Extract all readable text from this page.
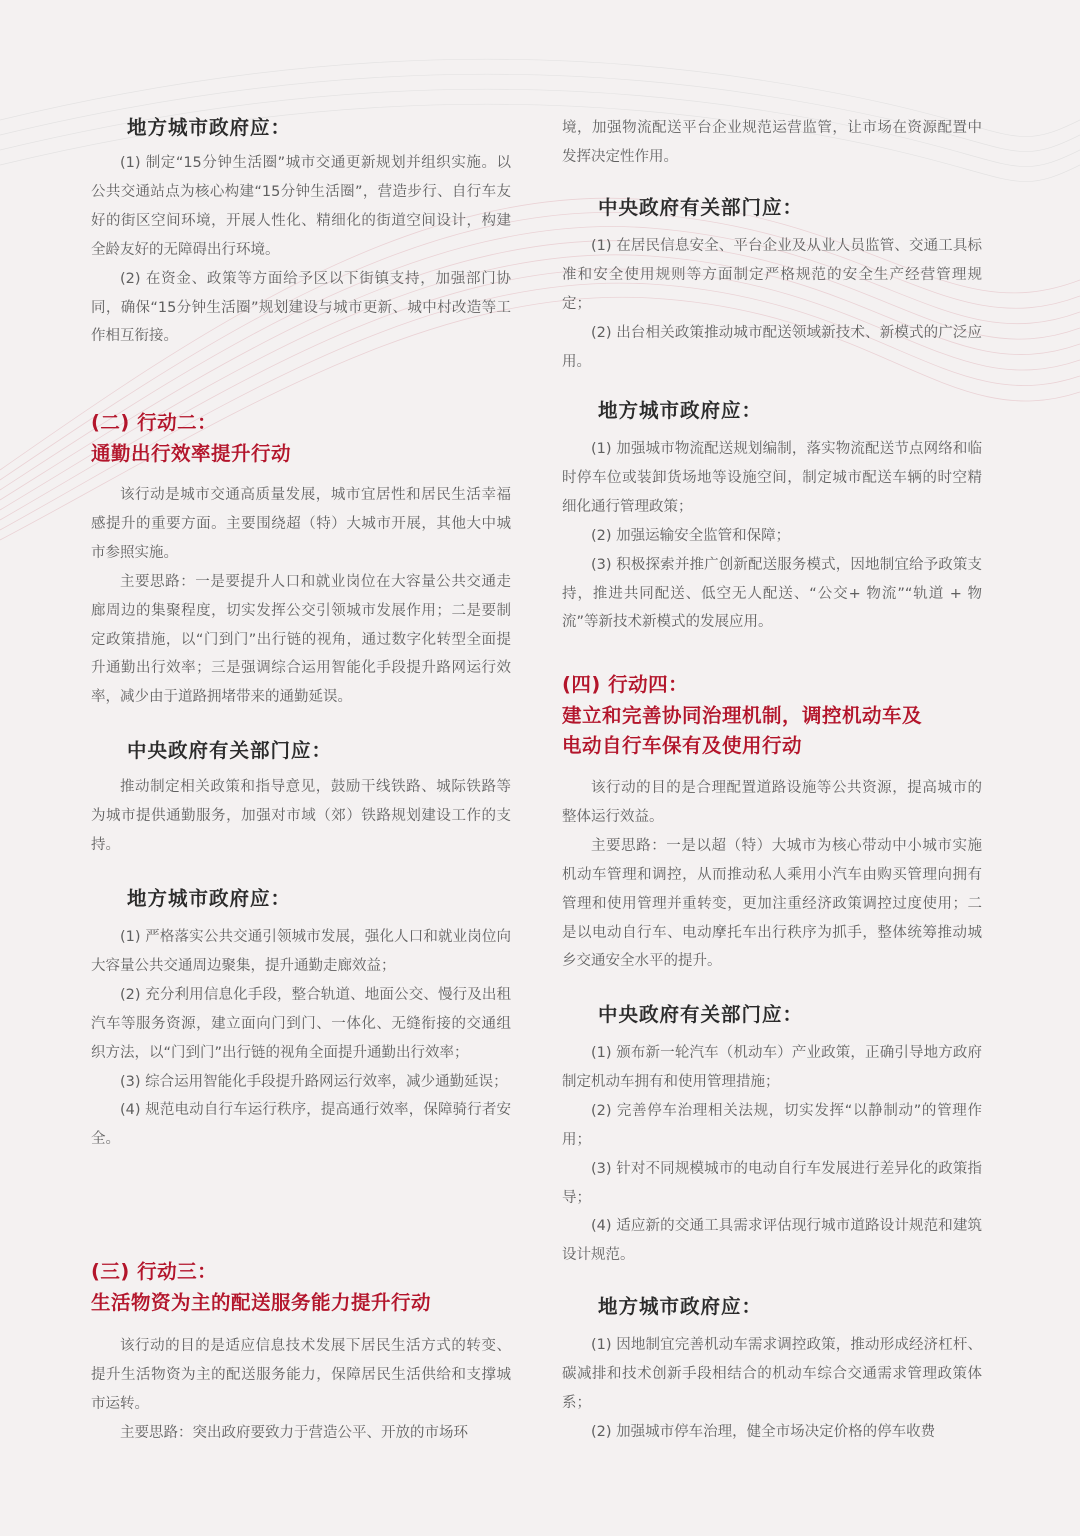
地方城市政府应：

(1) 制定“15分钟生活圈”城市交通更新规划并组织实施。以公共交通站点为核心构建“15分钟生活圈”，营造步行、自行车友好的街区空间环境，开展人性化、精细化的街道空间设计，构建全龄友好的无障碍出行环境。

(2) 在资金、政策等方面给予区以下街镇支持，加强部门协同，确保“15分钟生活圈”规划建设与城市更新、城中村改造等工作相互衔接。

(二) 行动二：

通勤出行效率提升行动

该行动是城市交通高质量发展，城市宜居性和居民生活幸福感提升的重要方面。主要围绕超（特）大城市开展，其他大中城市参照实施。

主要思路：一是要提升人口和就业岗位在大容量公共交通走廊周边的集聚程度，切实发挥公交引领城市发展作用；二是要制定政策措施，以“门到门”出行链的视角，通过数字化转型全面提升通勤出行效率；三是强调综合运用智能化手段提升路网运行效率，减少由于道路拥堵带来的通勤延误。

中央政府有关部门应：

推动制定相关政策和指导意见，鼓励干线铁路、城际铁路等为城市提供通勤服务，加强对市域（郊）铁路规划建设工作的支持。

地方城市政府应：

(1) 严格落实公共交通引领城市发展，强化人口和就业岗位向大容量公共交通周边聚集，提升通勤走廊效益；

(2) 充分利用信息化手段，整合轨道、地面公交、慢行及出租汽车等服务资源，建立面向门到门、一体化、无缝衔接的交通组织方法，以“门到门”出行链的视角全面提升通勤出行效率；

(3) 综合运用智能化手段提升路网运行效率，减少通勤延误；

(4) 规范电动自行车运行秩序，提高通行效率，保障骑行者安全。

(三) 行动三：

生活物资为主的配送服务能力提升行动

该行动的目的是适应信息技术发展下居民生活方式的转变、提升生活物资为主的配送服务能力，保障居民生活供给和支撑城市运转。

主要思路：突出政府要致力于营造公平、开放的市场环

境，加强物流配送平台企业规范运营监管，让市场在资源配置中发挥决定性作用。

中央政府有关部门应：

(1) 在居民信息安全、平台企业及从业人员监管、交通工具标准和安全使用规则等方面制定严格规范的安全生产经营管理规定；

(2) 出台相关政策推动城市配送领域新技术、新模式的广泛应用。

地方城市政府应：

(1) 加强城市物流配送规划编制，落实物流配送节点网络和临时停车位或装卸货场地等设施空间，制定城市配送车辆的时空精细化通行管理政策；

(2) 加强运输安全监管和保障；

(3) 积极探索并推广创新配送服务模式，因地制宜给予政策支持，推进共同配送、低空无人配送、“公交+ 物流”“轨道 + 物流”等新技术新模式的发展应用。

(四) 行动四：

建立和完善协同治理机制，调控机动车及

电动自行车保有及使用行动

该行动的目的是合理配置道路设施等公共资源，提高城市的整体运行效益。

主要思路：一是以超（特）大城市为核心带动中小城市实施机动车管理和调控，从而推动私人乘用小汽车由购买管理向拥有管理和使用管理并重转变，更加注重经济政策调控过度使用；二是以电动自行车、电动摩托车出行秩序为抓手，整体统筹推动城乡交通安全水平的提升。

中央政府有关部门应：

(1) 颁布新一轮汽车（机动车）产业政策，正确引导地方政府制定机动车拥有和使用管理措施；

(2) 完善停车治理相关法规，切实发挥“以静制动”的管理作用；

(3) 针对不同规模城市的电动自行车发展进行差异化的政策指导；

(4) 适应新的交通工具需求评估现行城市道路设计规范和建筑设计规范。

地方城市政府应：

(1) 因地制宜完善机动车需求调控政策，推动形成经济杠杆、碳减排和技术创新手段相结合的机动车综合交通需求管理政策体系；

(2) 加强城市停车治理，健全市场决定价格的停车收费
